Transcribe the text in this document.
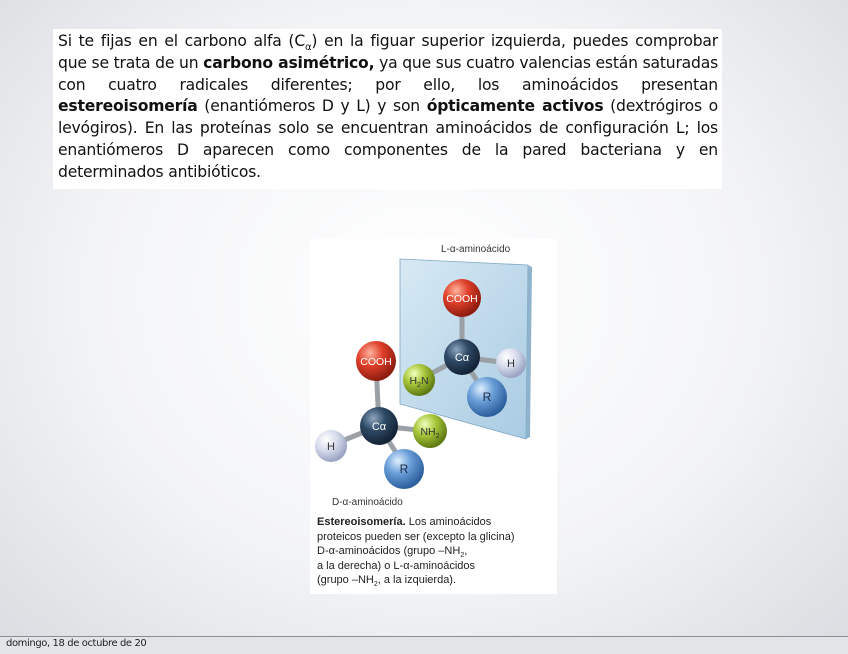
Si te fijas en el carbono alfa $(C_\alpha)$ en la figuar superior izquierda, puedes comprobar que se trata de un carbono asimétrico, ya que sus cuatro valencias están saturadas con cuatro radicales diferentes; por ello, los aminoácidos presentan estereoisomería (enantiómeros D y L) y son ópticamente activos (dextrógiros o levógiros). En las proteínas solo se encuentran aminoácidos de configuración L; los enantiómeros D aparecen como componentes de la pared bacteriana y en determinados antibióticos.
L-α-aminoácido
COOH
H
R
Cα
$H_2N$
COOH
$NH_2$
H
R
Cα
D-α-aminoácido
Estereoisomería. Los aminoácidos
proteicos pueden ser (excepto la glicina)
D-α-aminoácidos (grupo $-NH_2$,
a la derecha) o L-α-aminoácidos
(grupo $-NH_2$, a la izquierda).
domingo, 18 de octubre de 20
